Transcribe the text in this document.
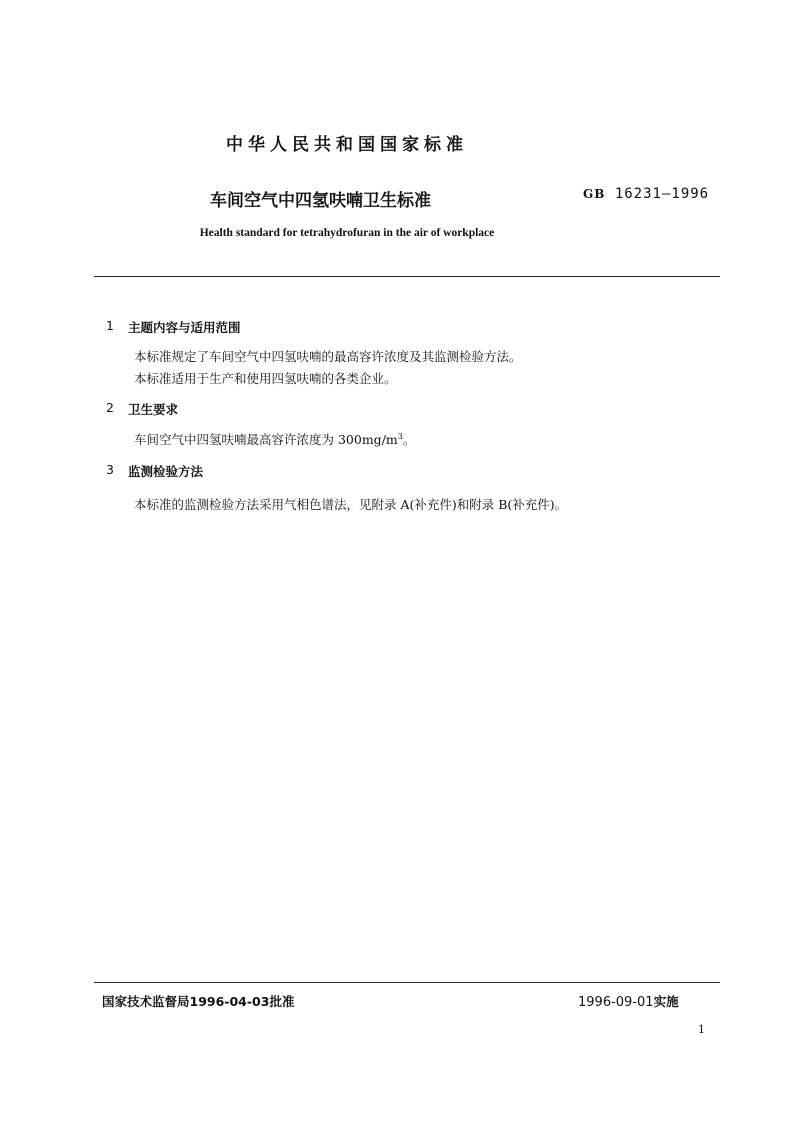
中华人民共和国国家标准
车间空气中四氢呋喃卫生标准	GB 16231—1996
Health standard for tetrahydrofuran in the air of workplace
1 主题内容与适用范围
本标准规定了车间空气中四氢呋喃的最高容许浓度及其监测检验方法。
本标准适用于生产和使用四氢呋喃的各类企业。
2 卫生要求
车间空气中四氢呋喃最高容许浓度为 $300mg/m^3$。
3 监测检验方法
本标准的监测检验方法采用气相色谱法，见附录 A(补充件)和附录 B(补充件)。
国家技术监督局1996-04-03批准	1996-09-01实施
1
